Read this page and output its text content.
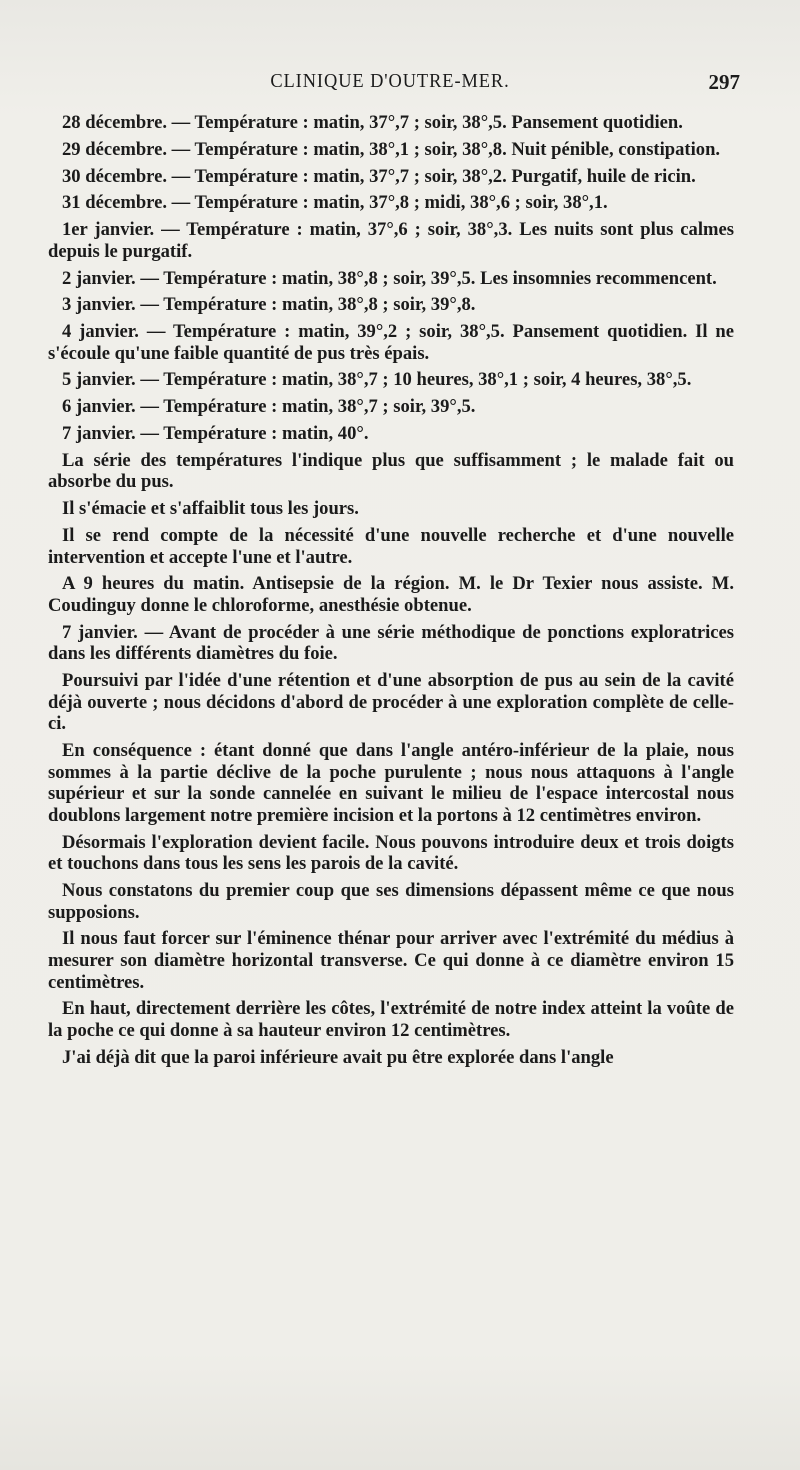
CLINIQUE D'OUTRE-MER.	297

28 décembre. — Température : matin, 37°,7 ; soir, 38°,5. Pansement quotidien.

29 décembre. — Température : matin, 38°,1 ; soir, 38°,8. Nuit pénible, constipation.

30 décembre. — Température : matin, 37°,7 ; soir, 38°,2. Purgatif, huile de ricin.

31 décembre. — Température : matin, 37°,8 ; midi, 38°,6 ; soir, 38°,1.

1er janvier. — Température : matin, 37°,6 ; soir, 38°,3. Les nuits sont plus calmes depuis le purgatif.

2 janvier. — Température : matin, 38°,8 ; soir, 39°,5. Les insomnies recommencent.

3 janvier. — Température : matin, 38°,8 ; soir, 39°,8.

4 janvier. — Température : matin, 39°,2 ; soir, 38°,5. Pansement quotidien. Il ne s'écoule qu'une faible quantité de pus très épais.

5 janvier. — Température : matin, 38°,7 ; 10 heures, 38°,1 ; soir, 4 heures, 38°,5.

6 janvier. — Température : matin, 38°,7 ; soir, 39°,5.

7 janvier. — Température : matin, 40°.

La série des températures l'indique plus que suffisamment ; le malade fait ou absorbe du pus.

Il s'émacie et s'affaiblit tous les jours.

Il se rend compte de la nécessité d'une nouvelle recherche et d'une nouvelle intervention et accepte l'une et l'autre.

A 9 heures du matin. Antisepsie de la région. M. le Dr Texier nous assiste. M. Coudinguy donne le chloroforme, anesthésie obtenue.

7 janvier. — Avant de procéder à une série méthodique de ponctions exploratrices dans les différents diamètres du foie.

Poursuivi par l'idée d'une rétention et d'une absorption de pus au sein de la cavité déjà ouverte ; nous décidons d'abord de procéder à une exploration complète de celle-ci.

En conséquence : étant donné que dans l'angle antéro-inférieur de la plaie, nous sommes à la partie déclive de la poche purulente ; nous nous attaquons à l'angle supérieur et sur la sonde cannelée en suivant le milieu de l'espace intercostal nous doublons largement notre première incision et la portons à 12 centimètres environ.

Désormais l'exploration devient facile. Nous pouvons introduire deux et trois doigts et touchons dans tous les sens les parois de la cavité.

Nous constatons du premier coup que ses dimensions dépassent même ce que nous supposions.

Il nous faut forcer sur l'éminence thénar pour arriver avec l'extrémité du médius à mesurer son diamètre horizontal transverse. Ce qui donne à ce diamètre environ 15 centimètres.

En haut, directement derrière les côtes, l'extrémité de notre index atteint la voûte de la poche ce qui donne à sa hauteur environ 12 centimètres.

J'ai déjà dit que la paroi inférieure avait pu être explorée dans l'angle
